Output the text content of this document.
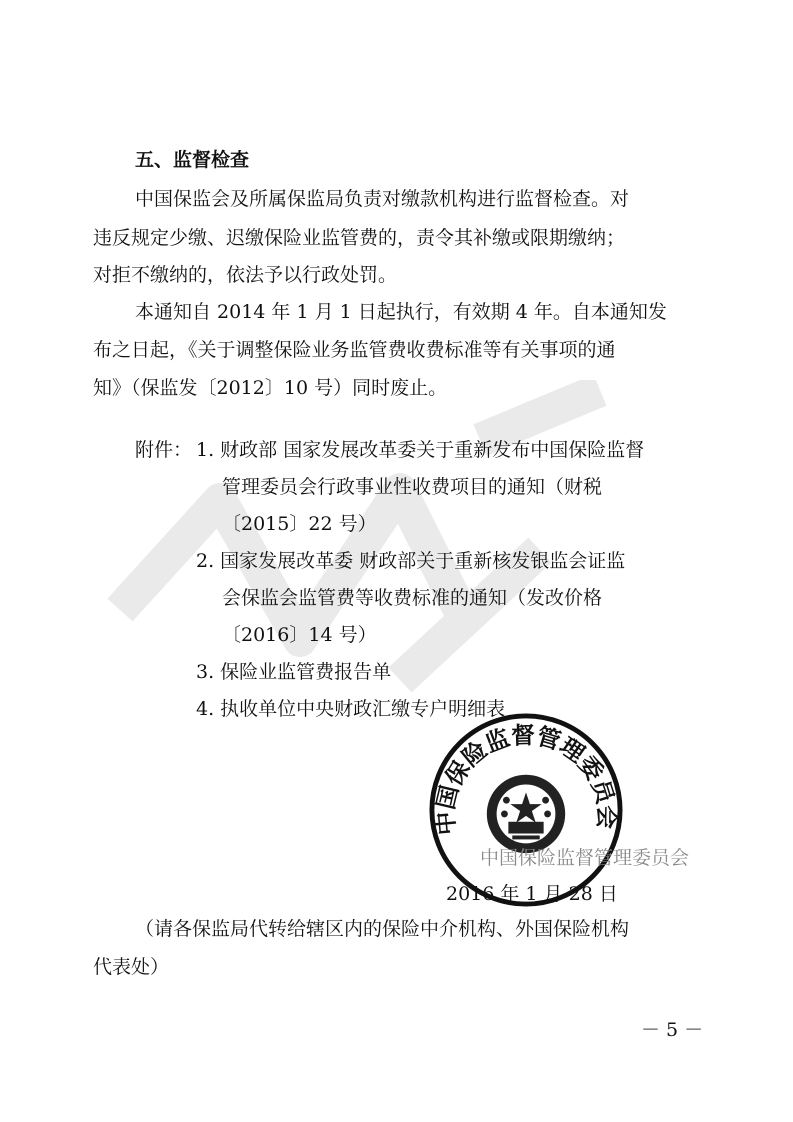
五、监督检查
中国保监会及所属保监局负责对缴款机构进行监督检查。对
违反规定少缴、迟缴保险业监管费的，责令其补缴或限期缴纳；
对拒不缴纳的，依法予以行政处罚。
本通知自 2014 年 1 月 1 日起执行，有效期 4 年。自本通知发
布之日起，《关于调整保险业务监管费收费标准等有关事项的通
知》（保监发〔2012〕10 号）同时废止。
附件： 1. 财政部 国家发展改革委关于重新发布中国保险监督
管理委员会行政事业性收费项目的通知（财税
〔2015〕22 号）
2. 国家发展改革委 财政部关于重新核发银监会证监
会保监会监管费等收费标准的通知（发改价格
〔2016〕14 号）
3. 保险业监管费报告单
4. 执收单位中央财政汇缴专户明细表
中国保险监督管理委员会
中国保险监督管理委员会
2016 年 1 月 28 日
（请各保监局代转给辖区内的保险中介机构、外国保险机构
代表处）
－ 5 －
